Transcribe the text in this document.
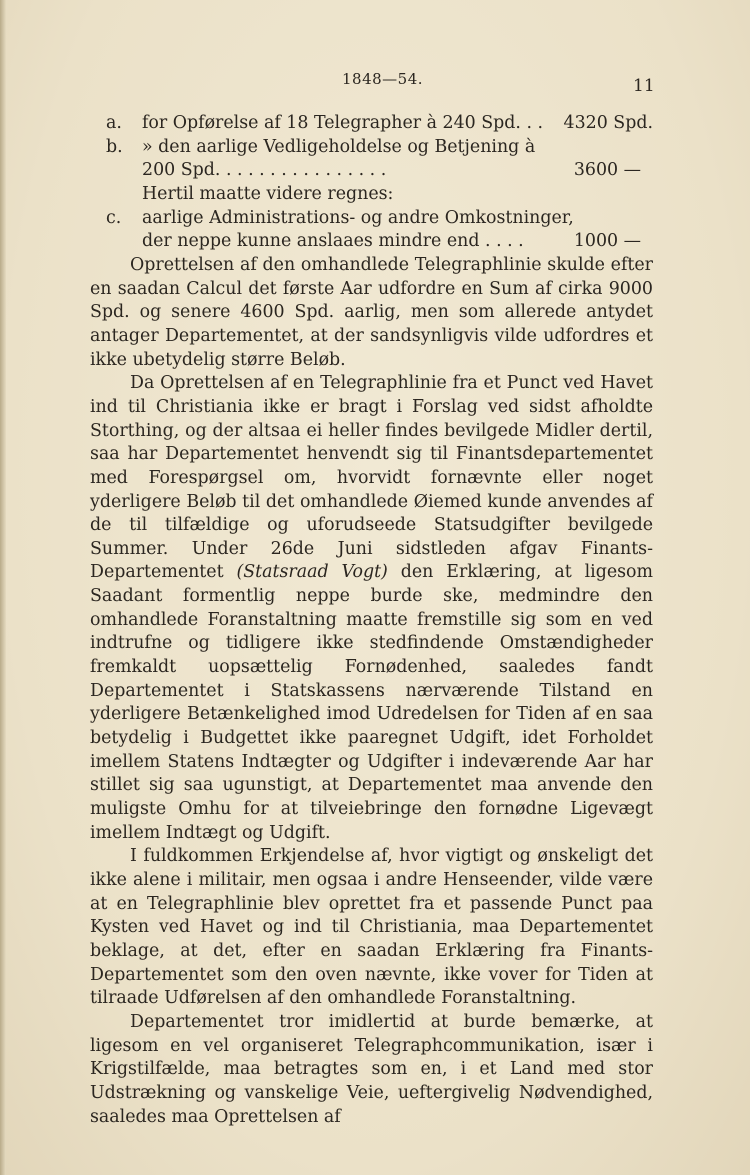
1848—54.	11
a. for Opførelse af 18 Telegrapher à 240 Spd. . . 4320 Spd.
b. » den aarlige Vedligeholdelse og Betjening à
200 Spd. . . . . . . . . . . . . . . .	3600 —
Hertil maatte videre regnes:
c. aarlige Administrations- og andre Omkostninger,
der neppe kunne anslaaes mindre end . . . .	1000 —

Oprettelsen af den omhandlede Telegraphlinie skulde efter en saadan Calcul det første Aar udfordre en Sum af cirka 9000 Spd. og senere 4600 Spd. aarlig, men som allerede antydet antager Departementet, at der sandsynligvis vilde udfordres et ikke ubetydelig større Beløb.

Da Oprettelsen af en Telegraphlinie fra et Punct ved Havet ind til Christiania ikke er bragt i Forslag ved sidst afholdte Storthing, og der altsaa ei heller findes bevilgede Midler dertil, saa har Departementet henvendt sig til Finantsdepartementet med Forespørgsel om, hvorvidt fornævnte eller noget yderligere Beløb til det omhandlede Øiemed kunde anvendes af de til tilfældige og uforudseede Statsudgifter bevilgede Summer. Under 26de Juni sidstleden afgav Finants-Departementet (Statsraad Vogt) den Erklæring, at ligesom Saadant formentlig neppe burde ske, medmindre den omhandlede Foranstaltning maatte fremstille sig som en ved indtrufne og tidligere ikke stedfindende Omstændigheder fremkaldt uopsættelig Fornødenhed, saaledes fandt Departementet i Statskassens nærværende Tilstand en yderligere Betænkelighed imod Udredelsen for Tiden af en saa betydelig i Budgettet ikke paaregnet Udgift, idet Forholdet imellem Statens Indtægter og Udgifter i indeværende Aar har stillet sig saa ugunstigt, at Departementet maa anvende den muligste Omhu for at tilveiebringe den fornødne Ligevægt imellem Indtægt og Udgift.

I fuldkommen Erkjendelse af, hvor vigtigt og ønskeligt det ikke alene i militair, men ogsaa i andre Henseender, vilde være at en Telegraphlinie blev oprettet fra et passende Punct paa Kysten ved Havet og ind til Christiania, maa Departementet beklage, at det, efter en saadan Erklæring fra Finants-Departementet som den oven nævnte, ikke vover for Tiden at tilraade Udførelsen af den omhandlede Foranstaltning.

Departementet tror imidlertid at burde bemærke, at ligesom en vel organiseret Telegraphcommunikation, især i Krigstilfælde, maa betragtes som en, i et Land med stor Udstrækning og vanskelige Veie, ueftergivelig Nødvendighed, saaledes maa Oprettelsen af
